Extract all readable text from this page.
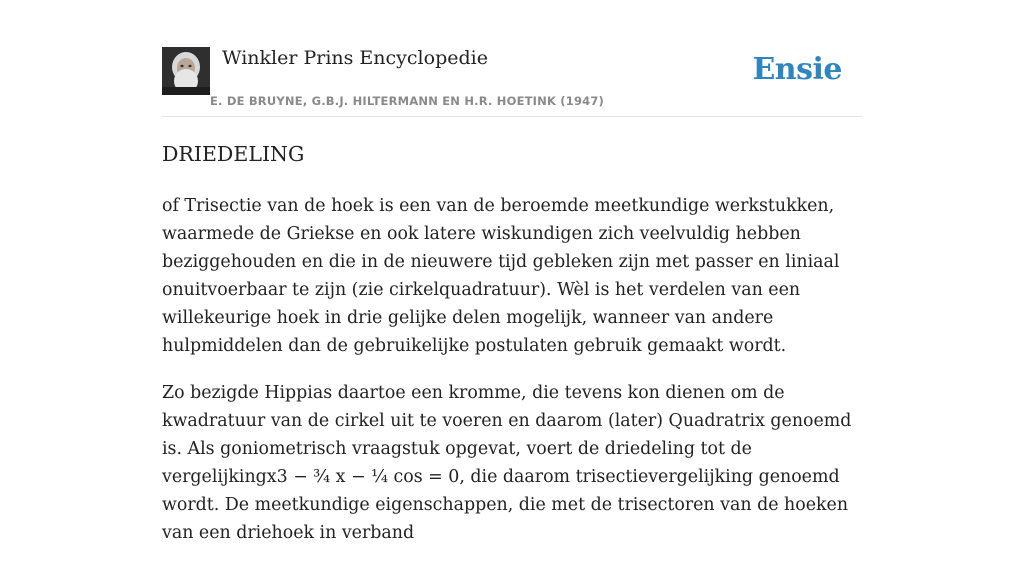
Winkler Prins Encyclopedie
E. DE BRUYNE, G.B.J. HILTERMANN EN H.R. HOETINK (1947)
Ensie
DRIEDELING

of Trisectie van de hoek is een van de beroemde meetkundige werkstukken, waarmede de Griekse en ook latere wiskundigen zich veelvuldig hebben beziggehouden en die in de nieuwere tijd gebleken zijn met passer en liniaal onuitvoerbaar te zijn (zie cirkelquadratuur). Wèl is het verdelen van een willekeurige hoek in drie gelijke delen mogelijk, wanneer van andere hulpmiddelen dan de gebruikelijke postulaten gebruik gemaakt wordt.

Zo bezigde Hippias daartoe een kromme, die tevens kon dienen om de kwadratuur van de cirkel uit te voeren en daarom (later) Quadratrix genoemd is. Als goniometrisch vraagstuk opgevat, voert de driedeling tot de vergelijkingx3 − ¾ x − ¼ cos = 0, die daarom trisectievergelijking genoemd wordt. De meetkundige eigenschappen, die met de trisectoren van de hoeken van een driehoek in verband
